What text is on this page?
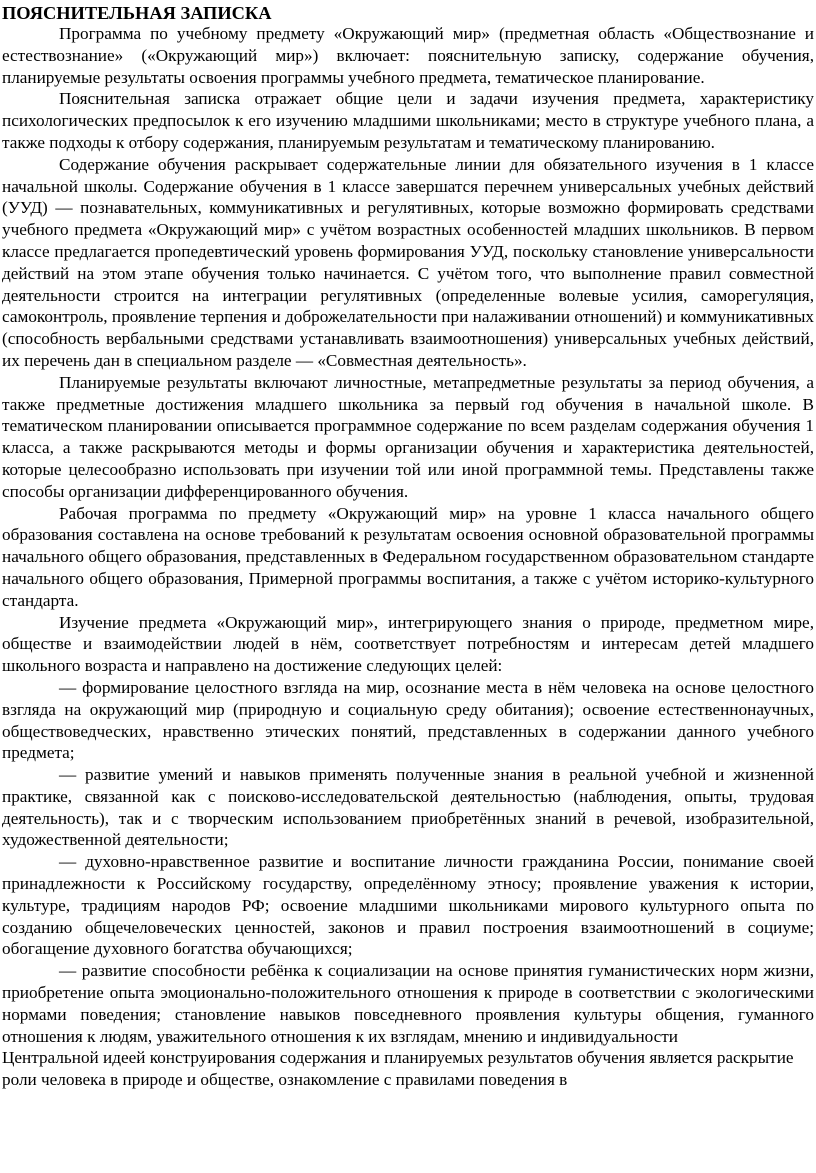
ПОЯСНИТЕЛЬНАЯ ЗАПИСКА

Программа по учебному предмету «Окружающий мир» (предметная область «Обществознание и естествознание» («Окружающий мир») включает: пояснительную записку, содержание обучения, планируемые результаты освоения программы учебного предмета, тематическое планирование.

Пояснительная записка отражает общие цели и задачи изучения предмета, характеристику психологических предпосылок к его изучению младшими школьниками; место в структуре учебного плана, а также подходы к отбору содержания, планируемым результатам и тематическому планированию.

Содержание обучения раскрывает содержательные линии для обязательного изучения в 1 классе начальной школы. Содержание обучения в 1 классе завершатся перечнем универсальных учебных действий (УУД) — познавательных, коммуникативных и регулятивных, которые возможно формировать средствами учебного предмета «Окружающий мир» с учётом возрастных особенностей младших школьников. В первом классе предлагается пропедевтический уровень формирования УУД, поскольку становление универсальности действий на этом этапе обучения только начинается. С учётом того, что выполнение правил совместной деятельности строится на интеграции регулятивных (определенные волевые усилия, саморегуляция, самоконтроль, проявление терпения и доброжелательности при налаживании отношений) и коммуникативных (способность вербальными средствами устанавливать взаимоотношения) универсальных учебных действий, их перечень дан в специальном разделе — «Совместная деятельность».

Планируемые результаты включают личностные, метапредметные результаты за период обучения, а также предметные достижения младшего школьника за первый год обучения в начальной школе. В тематическом планировании описывается программное содержание по всем разделам содержания обучения 1 класса, а также раскрываются методы и формы организации обучения и характеристика деятельностей, которые целесообразно использовать при изучении той или иной программной темы. Представлены также способы организации дифференцированного обучения.

Рабочая программа по предмету «Окружающий мир» на уровне 1 класса начального общего образования составлена на основе требований к результатам освоения основной образовательной программы начального общего образования, представленных в Федеральном государственном образовательном стандарте начального общего образования, Примерной программы воспитания, а также с учётом историко-культурного стандарта.

Изучение предмета «Окружающий мир», интегрирующего знания о природе, предметном мире, обществе и взаимодействии людей в нём, соответствует потребностям и интересам детей младшего школьного возраста и направлено на достижение следующих целей:

— формирование целостного взгляда на мир, осознание места в нём человека на основе целостного взгляда на окружающий мир (природную и социальную среду обитания); освоение естественнонаучных, обществоведческих, нравственно этических понятий, представленных в содержании данного учебного предмета;

— развитие умений и навыков применять полученные знания в реальной учебной и жизненной практике, связанной как с поисково-исследовательской деятельностью (наблюдения, опыты, трудовая деятельность), так и с творческим использованием приобретённых знаний в речевой, изобразительной, художественной деятельности;

— духовно-нравственное развитие и воспитание личности гражданина России, понимание своей принадлежности к Российскому государству, определённому этносу; проявление уважения к истории, культуре, традициям народов РФ; освоение младшими школьниками мирового культурного опыта по созданию общечеловеческих ценностей, законов и правил построения взаимоотношений в социуме; обогащение духовного богатства обучающихся;

— развитие способности ребёнка к социализации на основе принятия гуманистических норм жизни, приобретение опыта эмоционально-положительного отношения к природе в соответствии с экологическими нормами поведения; становление навыков повседневного проявления культуры общения, гуманного отношения к людям, уважительного отношения к их взглядам, мнению и индивидуальности

Центральной идеей конструирования содержания и планируемых результатов обучения является раскрытие роли человека в природе и обществе, ознакомление с правилами поведения в
